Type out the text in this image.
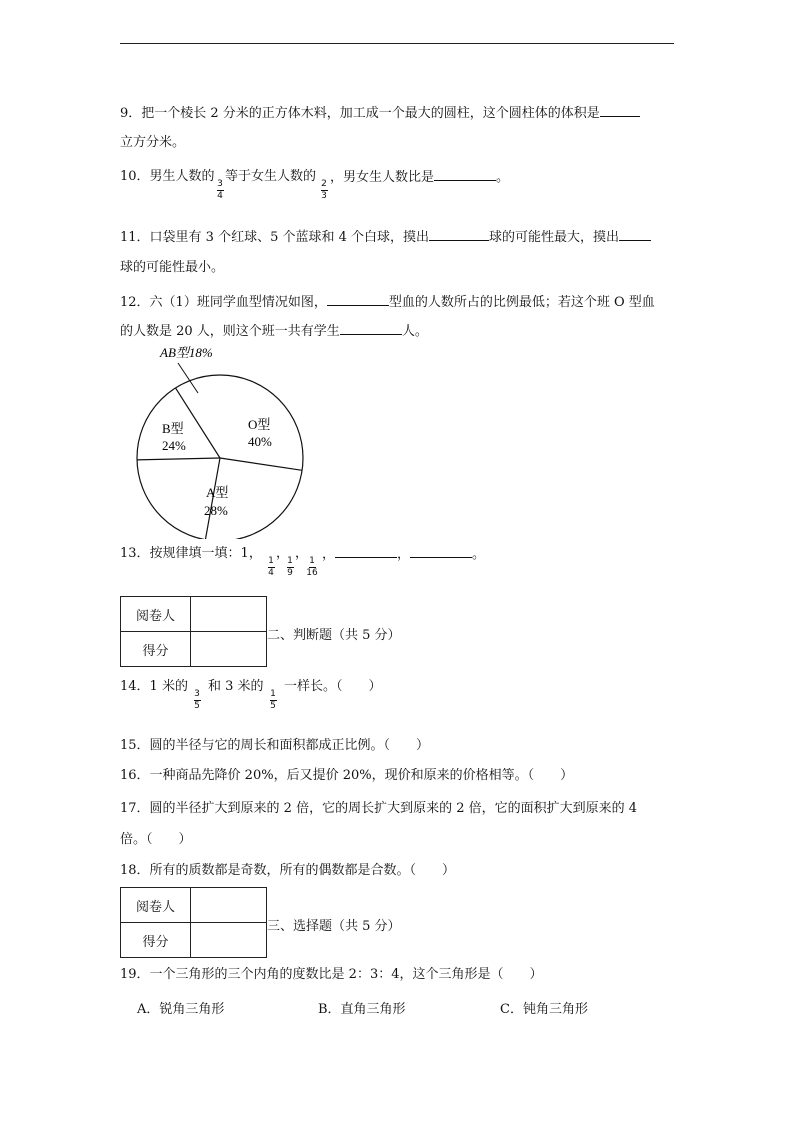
9．把一个棱长 2 分米的正方体木料，加工成一个最大的圆柱，这个圆柱体的体积是
立方分米。
10．男生人数的 3
4
等于女生人数的 2
3
，男女生人数比是	。
11．口袋里有 3 个红球、5 个蓝球和 4 个白球，摸出	球的可能性最大，摸出
球的可能性最小。
12．六（1）班同学血型情况如图，	型血的人数所占的比例最低；若这个班 O 型血
的人数是 20 人，则这个班一共有学生	人。
AB型18%
O型
40%
B型
24%
A型
28%
13．按规律填一填：1， 1
4
，
1
9
， 1
16
，	，	。
阅卷人	
得分	
二、判断题（共 5 分）
14．1 米的 3
5
和 3 米的 1
5
一样长。（　　）
15．圆的半径与它的周长和面积都成正比例。（　　）
16．一种商品先降价 20%，后又提价 20%，现价和原来的价格相等。（　　）
17．圆的半径扩大到原来的 2 倍，它的周长扩大到原来的 2 倍，它的面积扩大到原来的 4
倍。（　　）
18．所有的质数都是奇数，所有的偶数都是合数。（　　）
阅卷人	
得分	
三、选择题（共 5 分）
19．一个三角形的三个内角的度数比是 2：3：4，这个三角形是（　　）
A．锐角三角形	B．直角三角形	C．钝角三角形
